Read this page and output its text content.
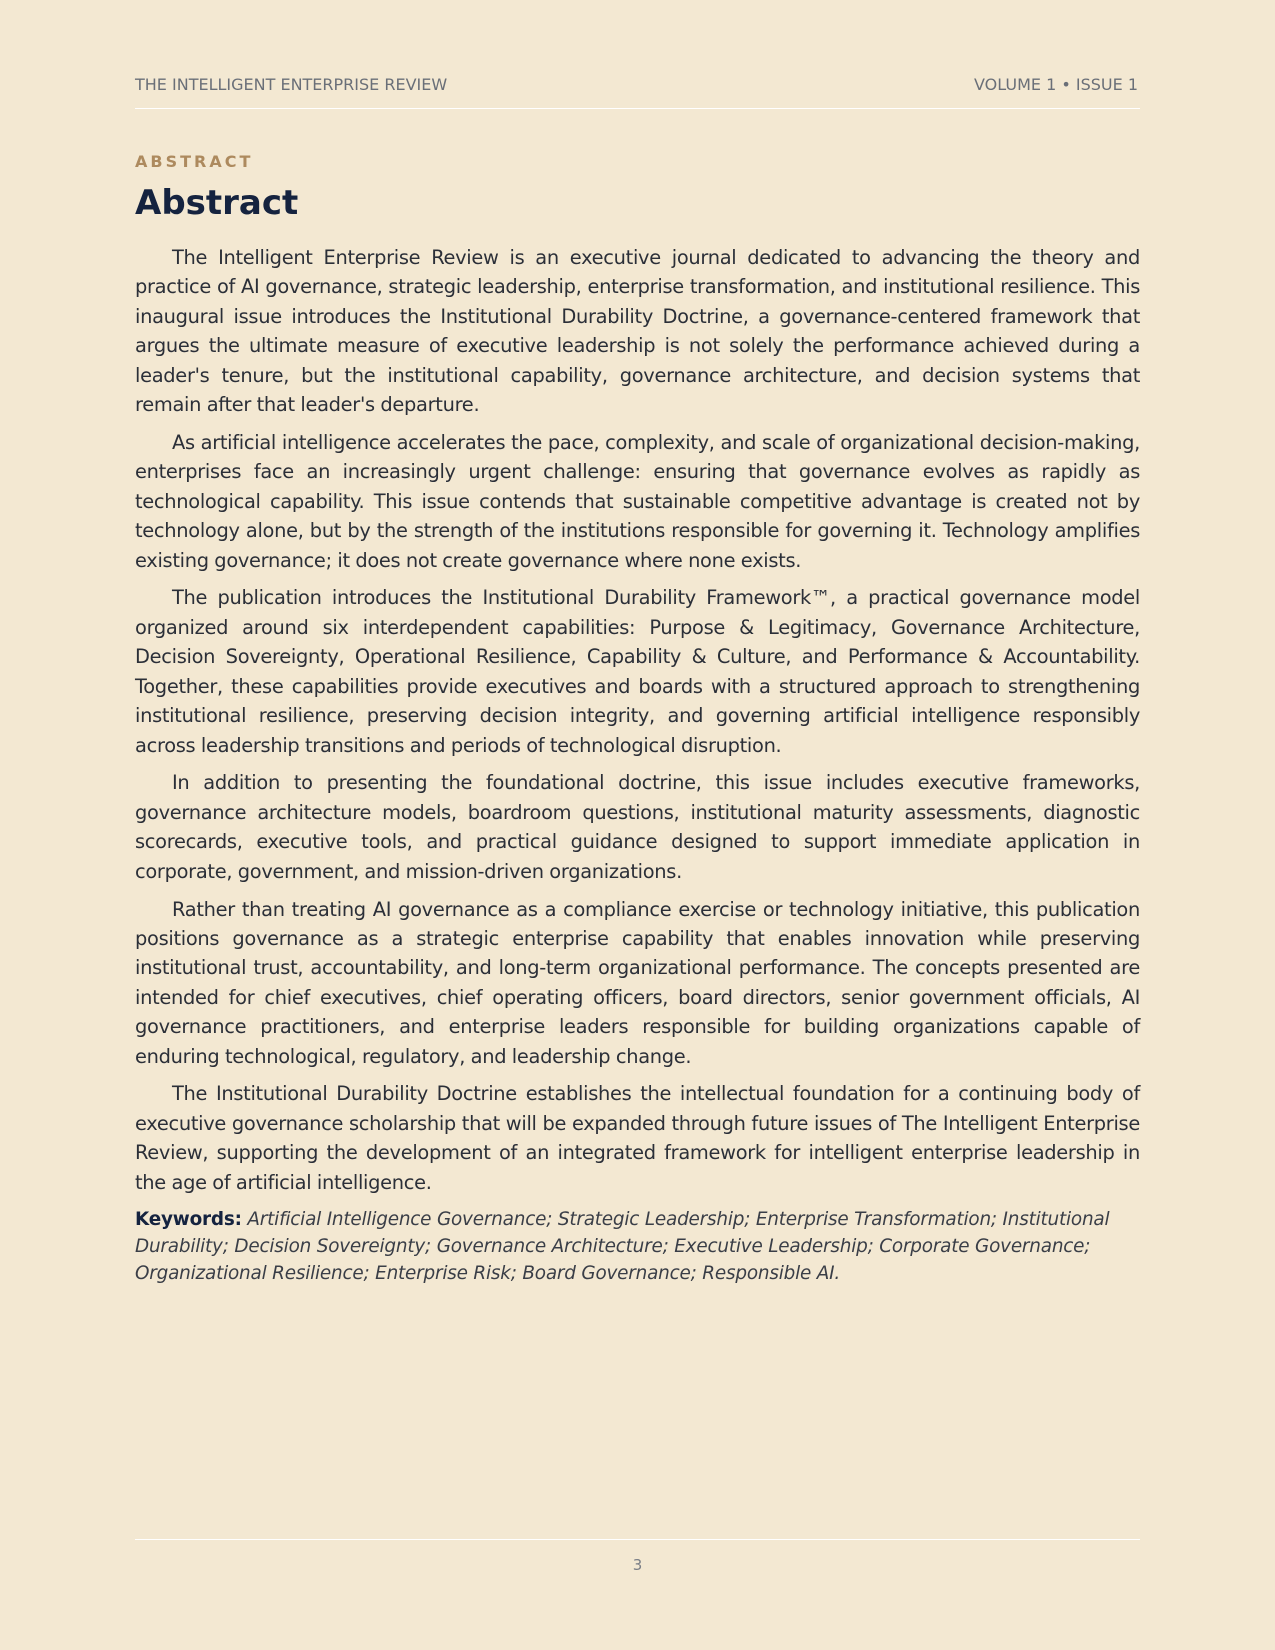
THE INTELLIGENT ENTERPRISE REVIEW	VOLUME 1 • ISSUE 1
ABSTRACT
Abstract

The Intelligent Enterprise Review is an executive journal dedicated to advancing the theory and practice of AI governance, strategic leadership, enterprise transformation, and institutional resilience. This inaugural issue introduces the Institutional Durability Doctrine, a governance-centered framework that argues the ultimate measure of executive leadership is not solely the performance achieved during a leader's tenure, but the institutional capability, governance architecture, and decision systems that remain after that leader's departure.

As artificial intelligence accelerates the pace, complexity, and scale of organizational decision-making, enterprises face an increasingly urgent challenge: ensuring that governance evolves as rapidly as technological capability. This issue contends that sustainable competitive advantage is created not by technology alone, but by the strength of the institutions responsible for governing it. Technology amplifies existing governance; it does not create governance where none exists.

The publication introduces the Institutional Durability Framework™, a practical governance model organized around six interdependent capabilities: Purpose & Legitimacy, Governance Architecture, Decision Sovereignty, Operational Resilience, Capability & Culture, and Performance & Accountability. Together, these capabilities provide executives and boards with a structured approach to strengthening institutional resilience, preserving decision integrity, and governing artificial intelligence responsibly across leadership transitions and periods of technological disruption.

In addition to presenting the foundational doctrine, this issue includes executive frameworks, governance architecture models, boardroom questions, institutional maturity assessments, diagnostic scorecards, executive tools, and practical guidance designed to support immediate application in corporate, government, and mission-driven organizations.

Rather than treating AI governance as a compliance exercise or technology initiative, this publication positions governance as a strategic enterprise capability that enables innovation while preserving institutional trust, accountability, and long-term organizational performance. The concepts presented are intended for chief executives, chief operating officers, board directors, senior government officials, AI governance practitioners, and enterprise leaders responsible for building organizations capable of enduring technological, regulatory, and leadership change.

The Institutional Durability Doctrine establishes the intellectual foundation for a continuing body of executive governance scholarship that will be expanded through future issues of The Intelligent Enterprise Review, supporting the development of an integrated framework for intelligent enterprise leadership in the age of artificial intelligence.

Keywords: Artificial Intelligence Governance; Strategic Leadership; Enterprise Transformation; Institutional Durability; Decision Sovereignty; Governance Architecture; Executive Leadership; Corporate Governance; Organizational Resilience; Enterprise Risk; Board Governance; Responsible AI.
3
